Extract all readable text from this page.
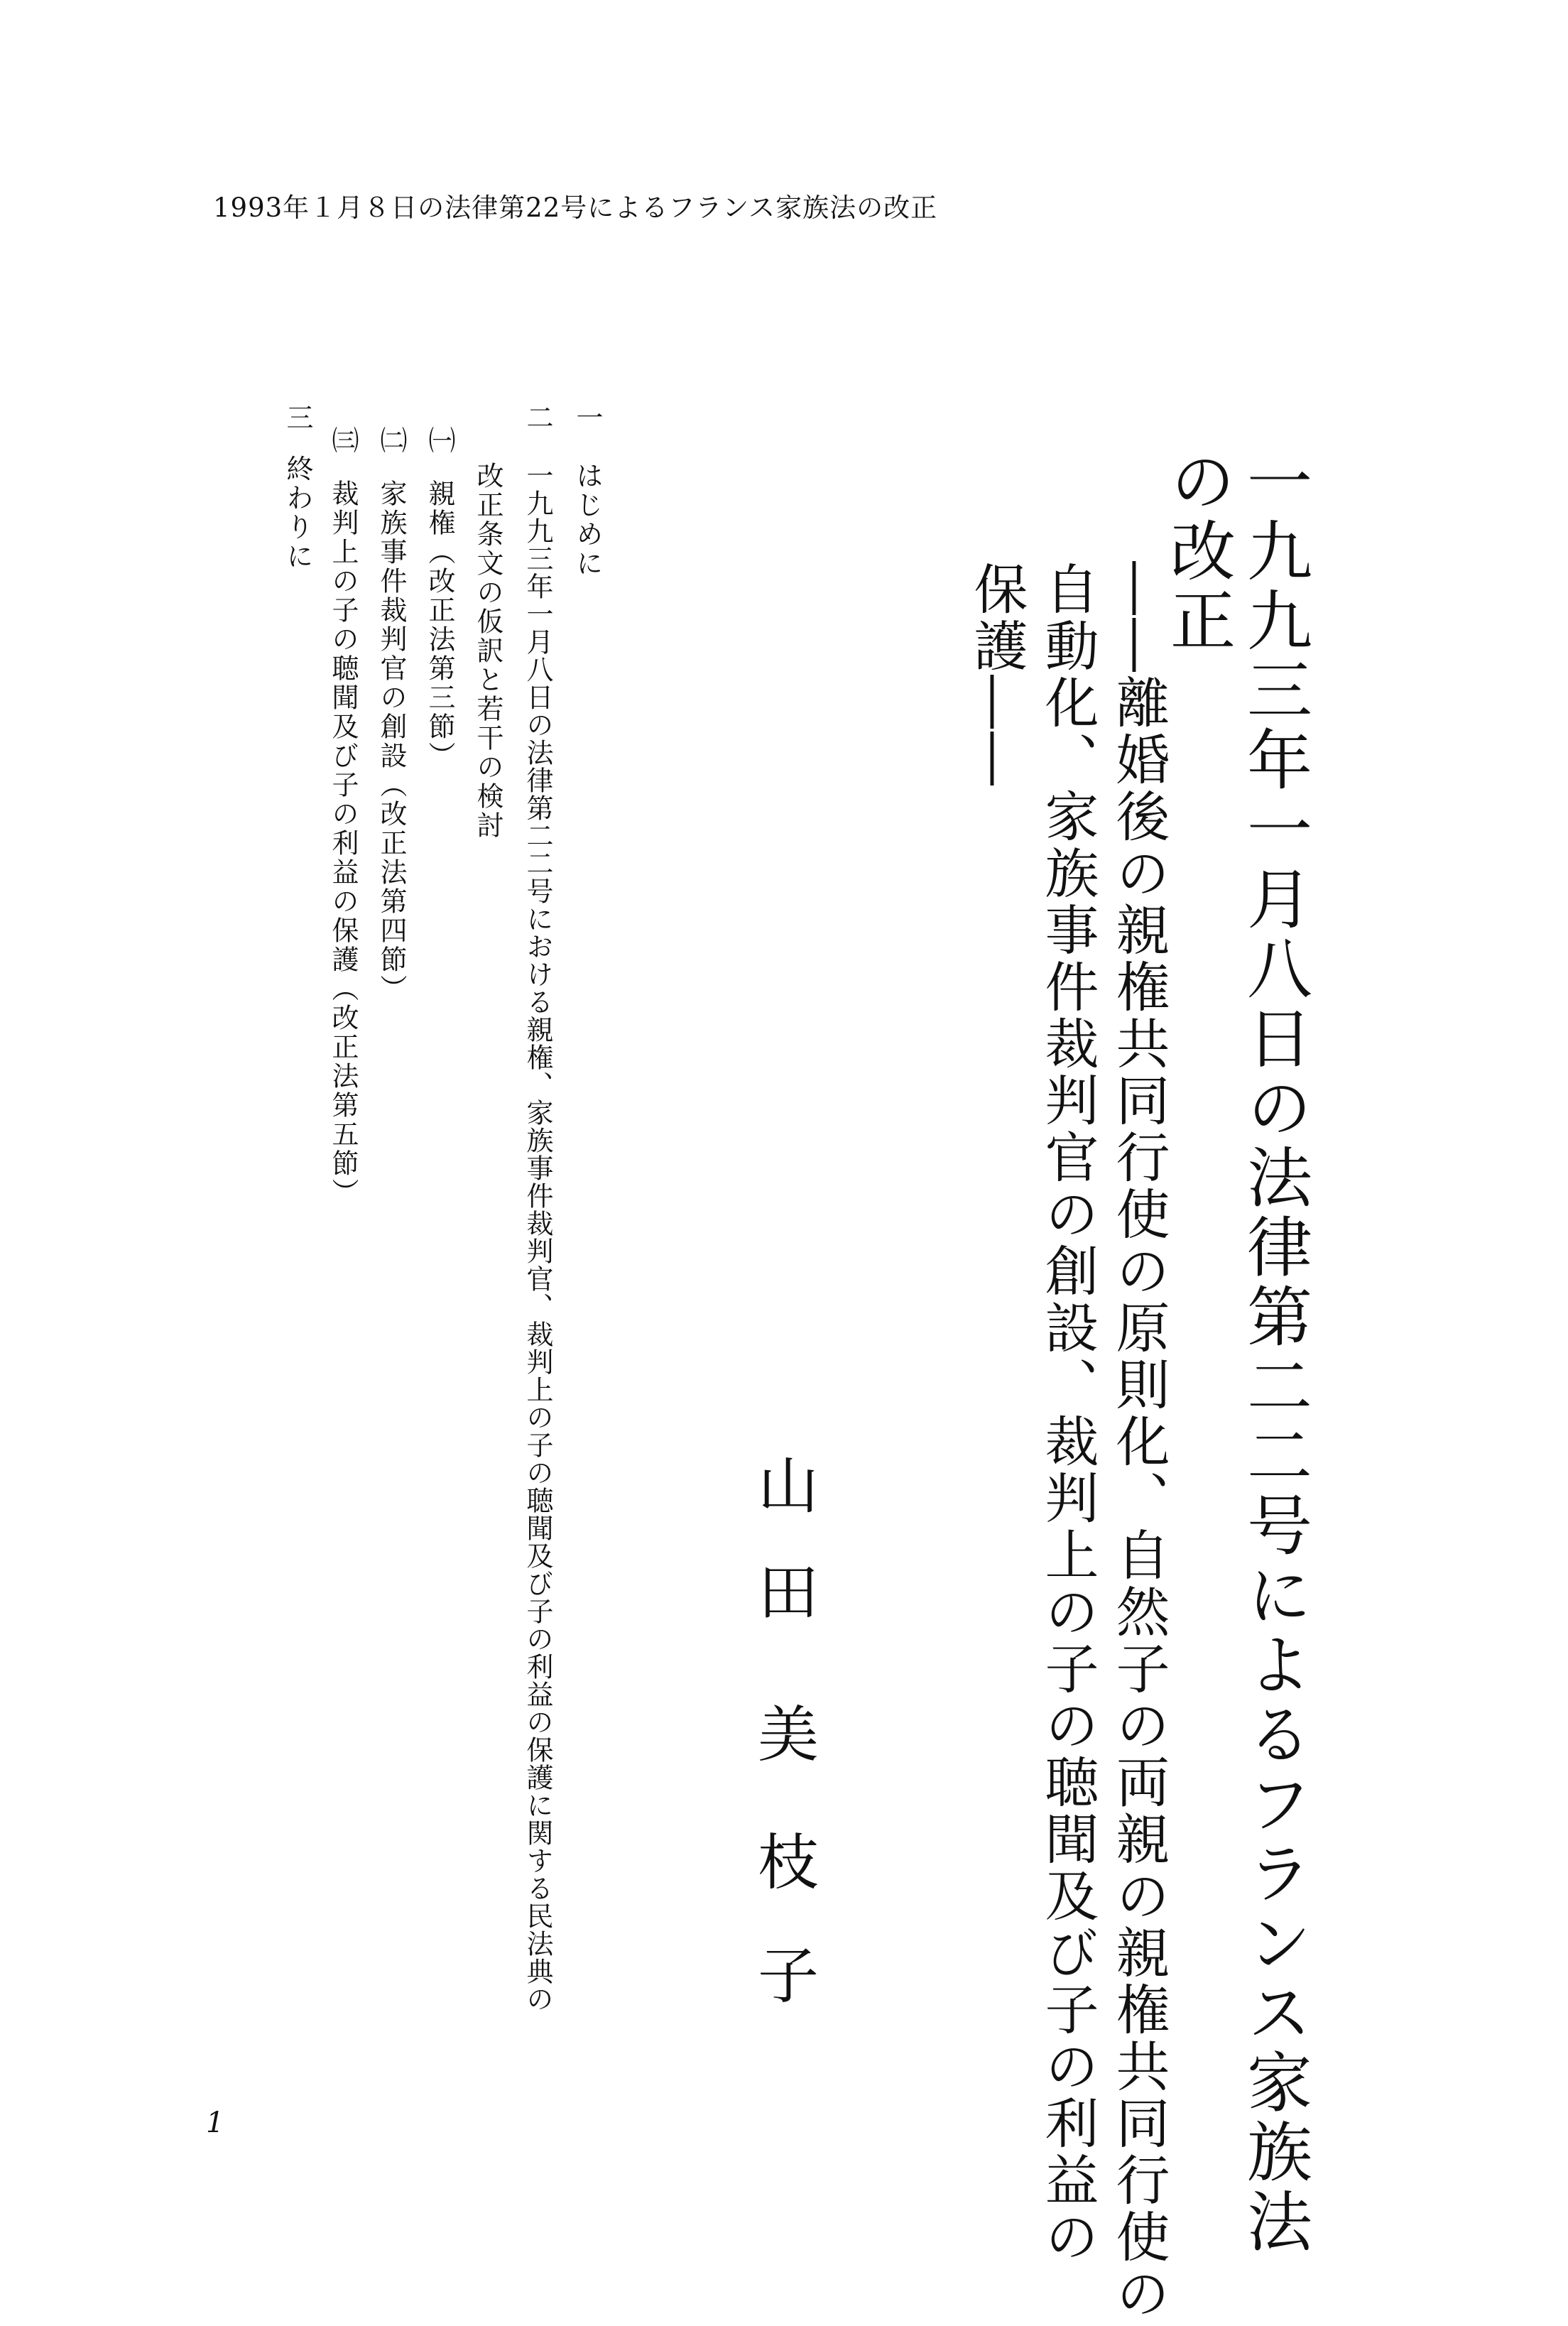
1993年１月８日の法律第22号によるフランス家族法の改正
一九九三年一月八日の法律第二二号によるフランス家族法
の改正
――離婚後の親権共同行使の原則化、自然子の両親の親権共同行使の
自動化、家族事件裁判官の創設、裁判上の子の聴聞及び子の利益の
保護――
山
田
美
枝
子
一
はじめに
二
一九九三年一月八日の法律第二二号における親権、家族事件裁判官、裁判上の子の聴聞及び子の利益の保護に関する民法典の
改正条文の仮訳と若干の検討
㈠
親権（改正法第三節）
㈡
家族事件裁判官の創設（改正法第四節）
㈢
裁判上の子の聴聞及び子の利益の保護（改正法第五節）
三
終わりに
1
